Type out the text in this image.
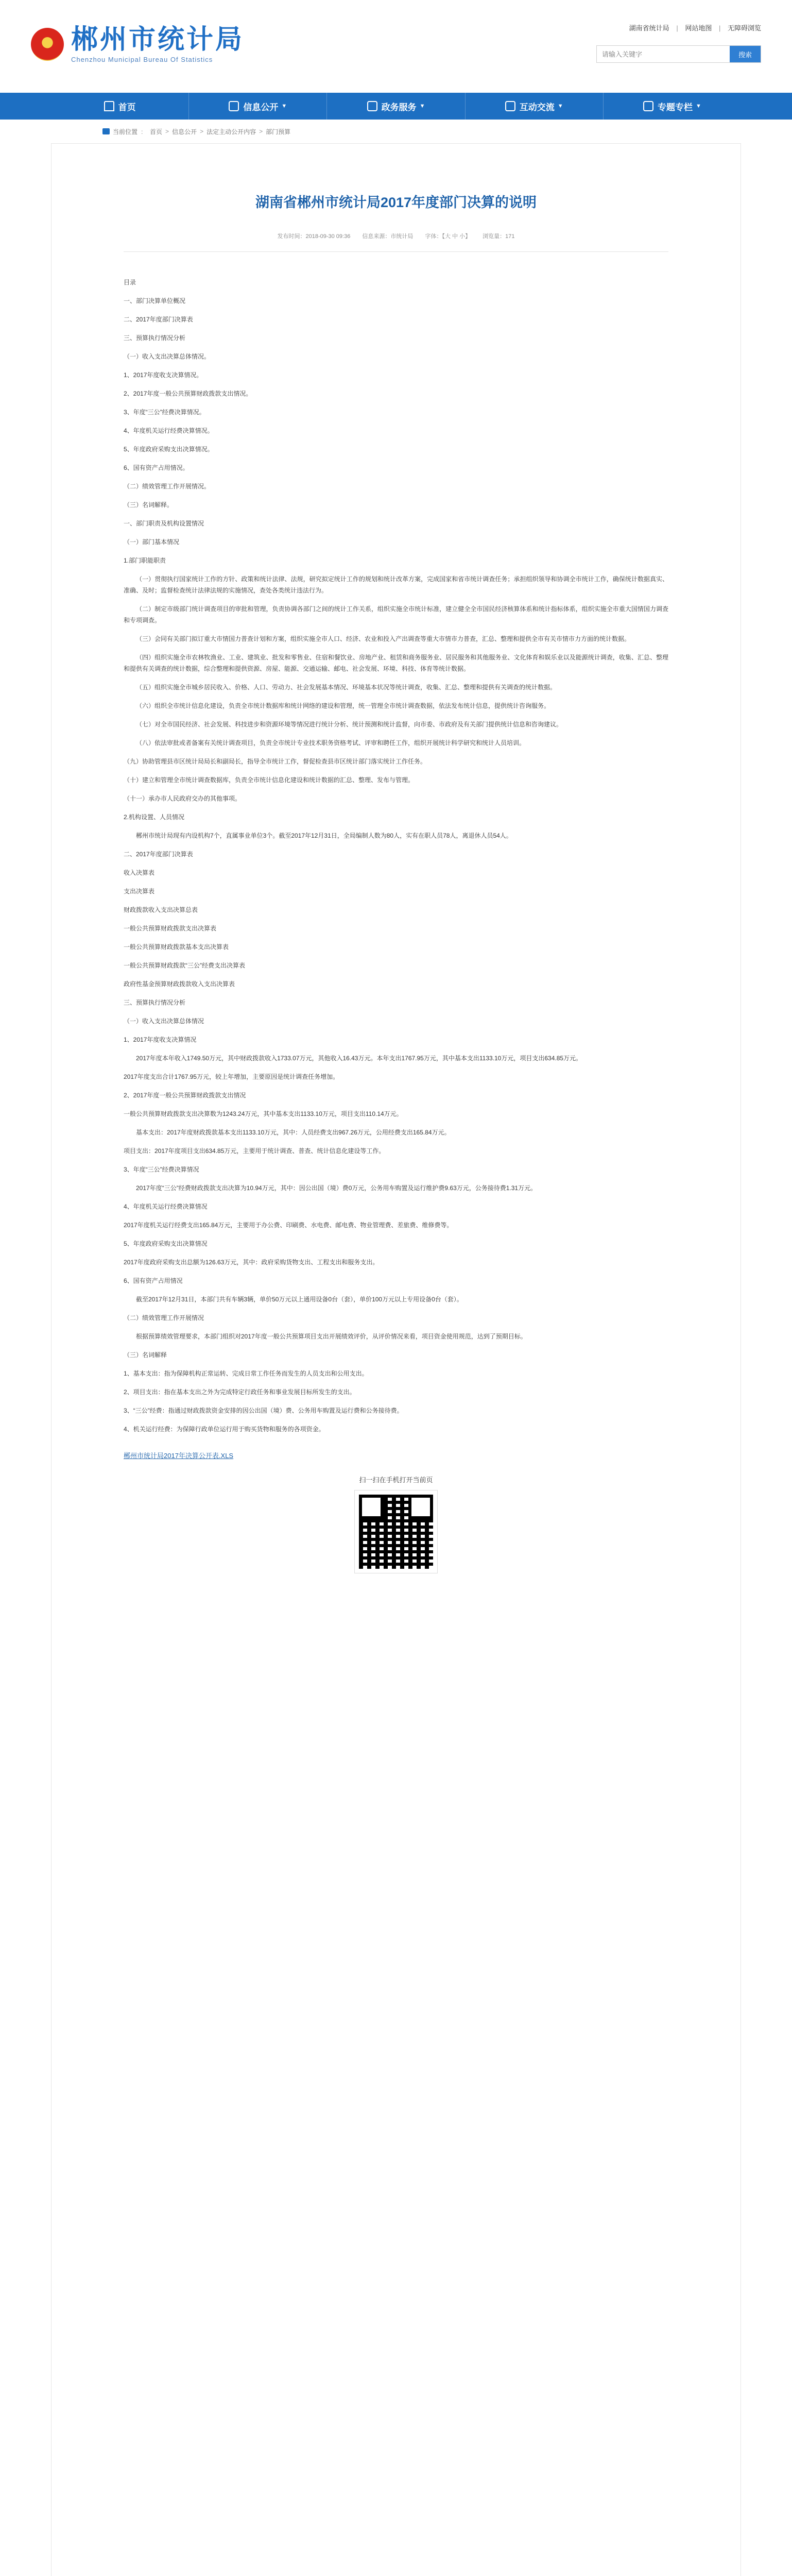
郴州市统计局
Chenzhou Municipal Bureau Of Statistics
湖南省统计局 | 网站地图 | 无障碍浏览
请输入关键字
搜索
首页	信息公开 ▼	政务服务 ▼	互动交流 ▼	专题专栏 ▼
当前位置 ： 首页 > 信息公开 > 法定主动公开内容 > 部门预算
湖南省郴州市统计局2017年度部门决算的说明
发布时间：2018-09-30 09:36 信息来源：市统计局 字体：【大 中 小】 浏览量：171

目录

一、部门决算单位概况

二、2017年度部门决算表

三、预算执行情况分析

（一）收入支出决算总体情况。

1、2017年度收支决算情况。

2、2017年度一般公共预算财政拨款支出情况。

3、年度“三公”经费决算情况。

4、年度机关运行经费决算情况。

5、年度政府采购支出决算情况。

6、国有资产占用情况。

（二）绩效管理工作开展情况。

（三）名词解释。

一、部门职责及机构设置情况

（一）部门基本情况

1.部门职能职责

（一）贯彻执行国家统计工作的方针、政策和统计法律、法规，研究拟定统计工作的规划和统计改革方案，完成国家和省市统计调查任务；承担组织领导和协调全市统计工作，确保统计数据真实、准确、及时；监督检查统计法律法规的实施情况，查处各类统计违法行为。

（二）制定市级部门统计调查项目的审批和管理，负责协调各部门之间的统计工作关系，组织实施全市统计标准，建立健全全市国民经济核算体系和统计指标体系，组织实施全市重大国情国力调查和专项调查。

（三）会同有关部门拟订重大市情国力普查计划和方案，组织实施全市人口、经济、农业和投入产出调查等重大市情市力普查，汇总、整理和提供全市有关市情市力方面的统计数据。

（四）组织实施全市农林牧渔业、工业、建筑业、批发和零售业、住宿和餐饮业、房地产业、租赁和商务服务业、居民服务和其他服务业、文化体育和娱乐业以及能源统计调查，收集、汇总、整理和提供有关调查的统计数据，综合整理和提供资源、房屋、能源、交通运输、邮电、社会发展、环境、科技、体育等统计数据。

（五）组织实施全市城乡居民收入、价格、人口、劳动力、社会发展基本情况、环境基本状况等统计调查，收集、汇总、整理和提供有关调查的统计数据。

（六）组织全市统计信息化建设，负责全市统计数据库和统计网络的建设和管理，统一管理全市统计调查数据，依法发布统计信息，提供统计咨询服务。

（七）对全市国民经济、社会发展、科技进步和资源环境等情况进行统计分析、统计预测和统计监督，向市委、市政府及有关部门提供统计信息和咨询建议。

（八）依法审批或者备案有关统计调查项目，负责全市统计专业技术职务资格考试、评审和聘任工作，组织开展统计科学研究和统计人员培训。

（九）协助管理县市区统计局局长和副局长，指导全市统计工作，督促检查县市区统计部门落实统计工作任务。

（十）建立和管理全市统计调查数据库，负责全市统计信息化建设和统计数据的汇总、整理、发布与管理。

（十一）承办市人民政府交办的其他事项。

2.机构设置、人员情况

郴州市统计局现有内设机构7个，直属事业单位3个。截至2017年12月31日，全局编制人数为80人，实有在职人员78人，离退休人员54人。

二、2017年度部门决算表

收入决算表

支出决算表

财政拨款收入支出决算总表

一般公共预算财政拨款支出决算表

一般公共预算财政拨款基本支出决算表

一般公共预算财政拨款“三公”经费支出决算表

政府性基金预算财政拨款收入支出决算表

三、预算执行情况分析

（一）收入支出决算总体情况

1、2017年度收支决算情况

2017年度本年收入1749.50万元，其中财政拨款收入1733.07万元，其他收入16.43万元。本年支出1767.95万元，其中基本支出1133.10万元，项目支出634.85万元。

2017年度支出合计1767.95万元，较上年增加，主要原因是统计调查任务增加。

2、2017年度一般公共预算财政拨款支出情况

一般公共预算财政拨款支出决算数为1243.24万元，其中基本支出1133.10万元，项目支出110.14万元。

基本支出：2017年度财政拨款基本支出1133.10万元，其中：人员经费支出967.26万元，公用经费支出165.84万元。

项目支出：2017年度项目支出634.85万元，主要用于统计调查、普查、统计信息化建设等工作。

3、年度“三公”经费决算情况

2017年度“三公”经费财政拨款支出决算为10.94万元，其中：因公出国（境）费0万元，公务用车购置及运行维护费9.63万元，公务接待费1.31万元。

4、年度机关运行经费决算情况

2017年度机关运行经费支出165.84万元，主要用于办公费、印刷费、水电费、邮电费、物业管理费、差旅费、维修费等。

5、年度政府采购支出决算情况

2017年度政府采购支出总额为126.63万元，其中：政府采购货物支出、工程支出和服务支出。

6、国有资产占用情况

截至2017年12月31日，本部门共有车辆3辆，单价50万元以上通用设备0台（套），单价100万元以上专用设备0台（套）。

（二）绩效管理工作开展情况

根据预算绩效管理要求，本部门组织对2017年度一般公共预算项目支出开展绩效评价，从评价情况来看，项目资金使用规范，达到了预期目标。

（三）名词解释

1、基本支出：指为保障机构正常运转、完成日常工作任务而发生的人员支出和公用支出。

2、项目支出：指在基本支出之外为完成特定行政任务和事业发展目标所发生的支出。

3、“三公”经费：指通过财政拨款资金安排的因公出国（境）费、公务用车购置及运行费和公务接待费。

4、机关运行经费：为保障行政单位运行用于购买货物和服务的各项资金。

郴州市统计局2017年决算公开表.XLS
扫一扫在手机打开当前页
